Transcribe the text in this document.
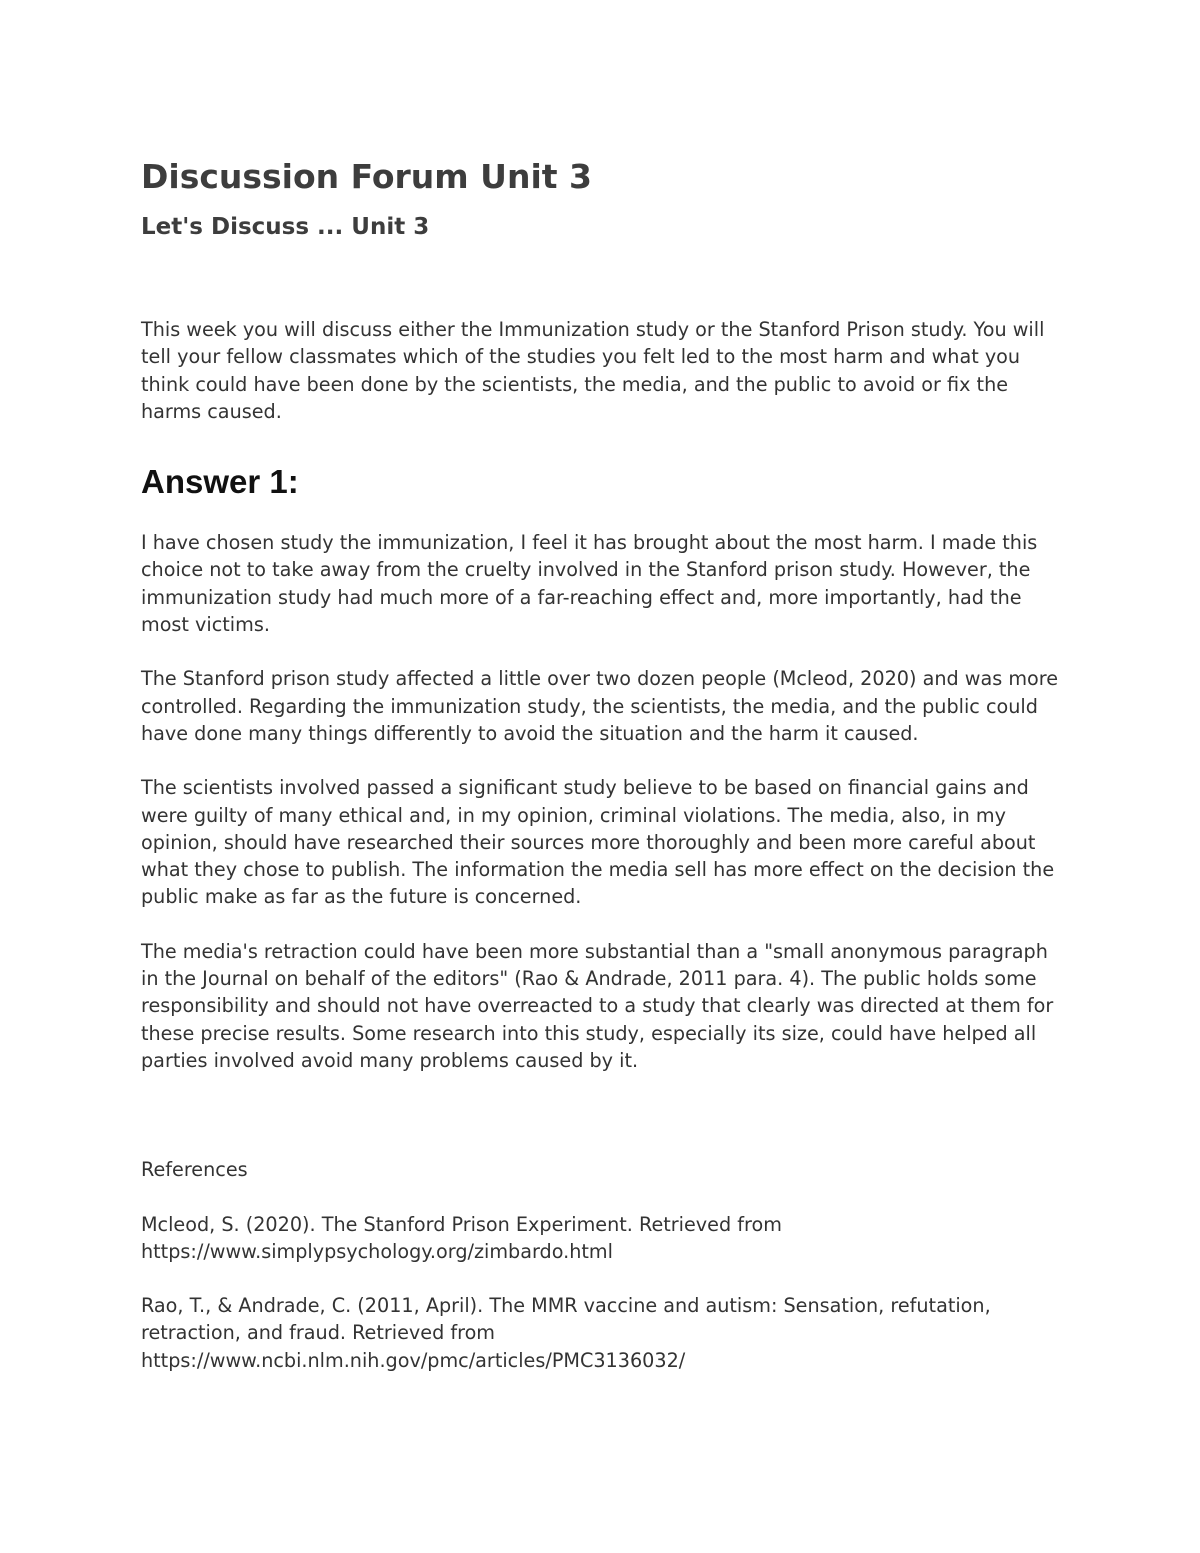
Discussion Forum Unit 3
Let's Discuss ... Unit 3

This week you will discuss either the Immunization study or the Stanford Prison study. You will tell your fellow classmates which of the studies you felt led to the most harm and what you think could have been done by the scientists, the media, and the public to avoid or fix the harms caused.

Answer 1:

I have chosen study the immunization, I feel it has brought about the most harm. I made this choice not to take away from the cruelty involved in the Stanford prison study. However, the immunization study had much more of a far-reaching effect and, more importantly, had the most victims.

The Stanford prison study affected a little over two dozen people (Mcleod, 2020) and was more controlled. Regarding the immunization study, the scientists, the media, and the public could have done many things differently to avoid the situation and the harm it caused.

The scientists involved passed a significant study believe to be based on financial gains and were guilty of many ethical and, in my opinion, criminal violations. The media, also, in my opinion, should have researched their sources more thoroughly and been more careful about what they chose to publish. The information the media sell has more effect on the decision the public make as far as the future is concerned.

The media's retraction could have been more substantial than a "small anonymous paragraph in the Journal on behalf of the editors" (Rao & Andrade, 2011 para. 4). The public holds some responsibility and should not have overreacted to a study that clearly was directed at them for these precise results. Some research into this study, especially its size, could have helped all parties involved avoid many problems caused by it.

References

Mcleod, S. (2020). The Stanford Prison Experiment. Retrieved from
https://www.simplypsychology.org/zimbardo.html

Rao, T., & Andrade, C. (2011, April). The MMR vaccine and autism: Sensation, refutation, retraction, and fraud. Retrieved from
https://www.ncbi.nlm.nih.gov/pmc/articles/PMC3136032/
